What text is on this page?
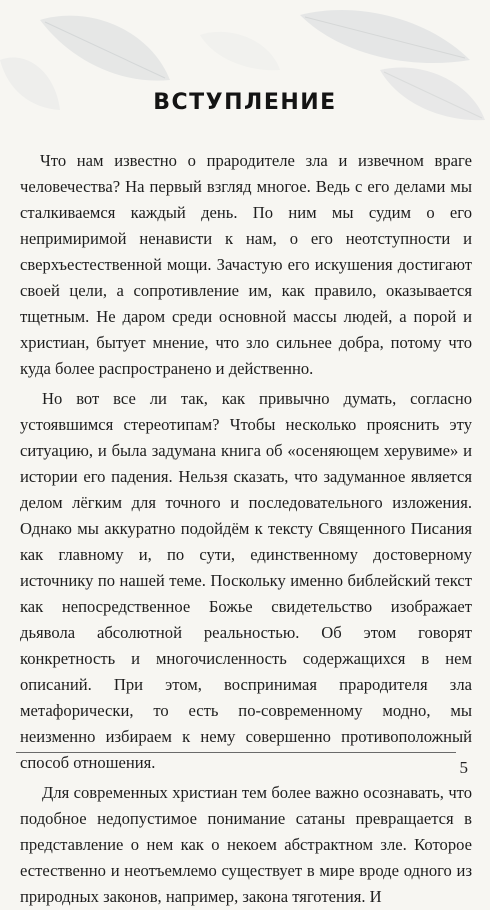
ВСТУПЛЕНИЕ

Что нам известно о прародителе зла и извечном враге человечества? На первый взгляд многое. Ведь с его делами мы сталкиваемся каждый день. По ним мы судим о его непримиримой ненависти к нам, о его неотступности и сверхъестественной мощи. Зачастую его искушения достигают своей цели, а сопротивление им, как правило, оказывается тщетным. Не даром среди основной массы людей, а порой и христиан, бытует мнение, что зло сильнее добра, потому что куда более распространено и действенно.

Но вот все ли так, как привычно думать, согласно устоявшимся стереотипам? Чтобы несколько прояснить эту ситуацию, и была задумана книга об «осеняющем херувиме» и истории его падения. Нельзя сказать, что задуманное является делом лёгким для точного и последовательного изложения. Однако мы аккуратно подойдём к тексту Священного Писания как главному и, по сути, единственному достоверному источнику по нашей теме. Поскольку именно библейский текст как непосредственное Божье свидетельство изображает дьявола абсолютной реальностью. Об этом говорят конкретность и многочисленность содержащихся в нем описаний. При этом, воспринимая прародителя зла метафорически, то есть по-современному модно, мы неизменно избираем к нему совершенно противоположный способ отношения.

Для современных христиан тем более важно осознавать, что подобное недопустимое понимание сатаны превращается в представление о нем как о некоем абстрактном зле. Которое естественно и неотъемлемо существует в мире вроде одного из природных законов, например, закона тяготения. И

5
